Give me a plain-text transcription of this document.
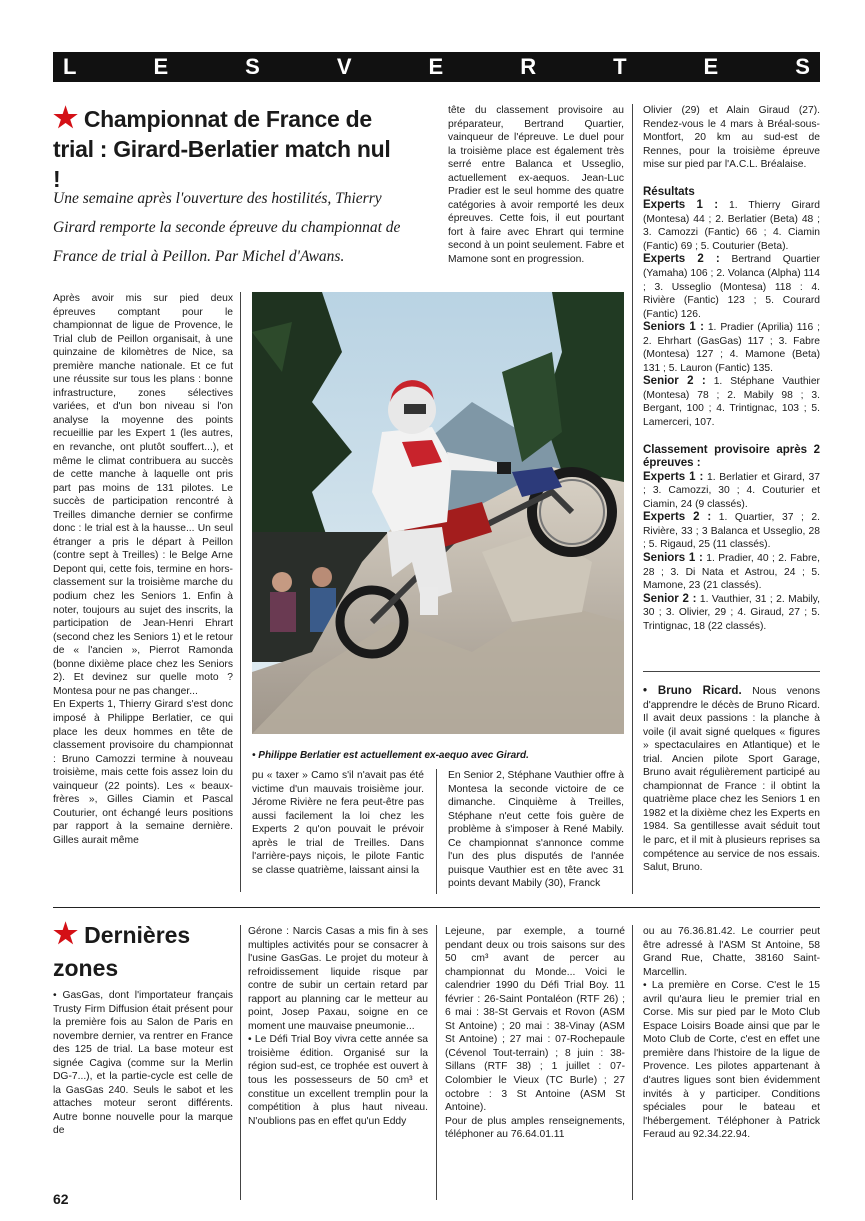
L	E	S	V	E	R	T	E	S
★ Championnat de France de trial : Girard-Berlatier match nul !

Une semaine après l'ouverture des hostilités, Thierry Girard remporte la seconde épreuve du championnat de France de trial à Peillon. Par Michel d'Awans.

Après avoir mis sur pied deux épreuves comptant pour le championnat de ligue de Provence, le Trial club de Peillon organisait, à une quinzaine de kilomètres de Nice, sa première manche nationale. Et ce fut une réussite sur tous les plans : bonne infrastructure, zones sélectives variées, et d'un bon niveau si l'on analyse la moyenne des points recueillie par les Expert 1 (les autres, en revanche, ont plutôt souffert...), et même le climat contribuera au succès de cette manche à laquelle ont pris part pas moins de 131 pilotes. Le succès de participation rencontré à Treilles dimanche dernier se confirme donc : le trial est à la hausse... Un seul étranger a pris le départ à Peillon (contre sept à Treilles) : le Belge Arne Depont qui, cette fois, termine en hors-classement sur la troisième marche du podium chez les Seniors 1. Enfin à noter, toujours au sujet des inscrits, la participation de Jean-Henri Ehrart (second chez les Seniors 1) et le retour de « l'ancien », Pierrot Ramonda (bonne dixième place chez les Seniors 2). Et devinez sur quelle moto ? Montesa pour ne pas changer...

En Experts 1, Thierry Girard s'est donc imposé à Philippe Berlatier, ce qui place les deux hommes en tête de classement provisoire du championnat : Bruno Camozzi termine à nouveau troisième, mais cette fois assez loin du vainqueur (22 points). Les « beaux-frères », Gilles Ciamin et Pascal Couturier, ont échangé leurs positions par rapport à la semaine dernière. Gilles aurait même

tête du classement provisoire au préparateur, Bertrand Quartier, vainqueur de l'épreuve. Le duel pour la troisième place est également très serré entre Balanca et Usseglio, actuellement ex-aequos. Jean-Luc Pradier est le seul homme des quatre catégories à avoir remporté les deux épreuves. Cette fois, il eut pourtant fort à faire avec Ehrart qui termine second à un point seulement. Fabre et Mamone sont en progression.

Olivier (29) et Alain Giraud (27). Rendez-vous le 4 mars à Bréal-sous-Montfort, 20 km au sud-est de Rennes, pour la troisième épreuve mise sur pied par l'A.C.L. Bréalaise.

Résultats

Experts 1 : 1. Thierry Girard (Montesa) 44 ; 2. Berlatier (Beta) 48 ; 3. Camozzi (Fantic) 66 ; 4. Ciamin (Fantic) 69 ; 5. Couturier (Beta).

Experts 2 : Bertrand Quartier (Yamaha) 106 ; 2. Volanca (Alpha) 114 ; 3. Usseglio (Montesa) 118 : 4. Rivière (Fantic) 123 ; 5. Courard (Fantic) 126.

Seniors 1 : 1. Pradier (Aprilia) 116 ; 2. Ehrhart (GasGas) 117 ; 3. Fabre (Montesa) 127 ; 4. Mamone (Beta) 131 ; 5. Lauron (Fantic) 135.

Senior 2 : 1. Stéphane Vauthier (Montesa) 78 ; 2. Mabily 98 ; 3. Bergant, 100 ; 4. Trintignac, 103 ; 5. Lamerceri, 107.

Classement provisoire après 2 épreuves :

Experts 1 : 1. Berlatier et Girard, 37 ; 3. Camozzi, 30 ; 4. Couturier et Ciamin, 24 (9 classés).

Experts 2 : 1. Quartier, 37 ; 2. Rivière, 33 ; 3 Balanca et Usseglio, 28 ; 5. Rigaud, 25 (11 classés).

Seniors 1 : 1. Pradier, 40 ; 2. Fabre, 28 ; 3. Di Nata et Astrou, 24 ; 5. Mamone, 23 (21 classés).

Senior 2 : 1. Vauthier, 31 ; 2. Mabily, 30 ; 3. Olivier, 29 ; 4. Giraud, 27 ; 5. Trintignac, 18 (22 classés).

• Bruno Ricard. Nous venons d'apprendre le décès de Bruno Ricard. Il avait deux passions : la planche à voile (il avait signé quelques « figures » spectaculaires en Atlantique) et le trial. Ancien pilote Sport Garage, Bruno avait régulièrement participé au championnat de France : il obtint la quatrième place chez les Seniors 1 en 1982 et la dixième chez les Experts en 1984. Sa gentillesse avait séduit tout le parc, et il mit à plusieurs reprises sa compétence au service de nos essais. Salut, Bruno.

• Philippe Berlatier est actuellement ex-aequo avec Girard.

pu « taxer » Camo s'il n'avait pas été victime d'un mauvais troisième jour. Jérome Rivière ne fera peut-être pas aussi facilement la loi chez les Experts 2 qu'on pouvait le prévoir après le trial de Treilles. Dans l'arrière-pays niçois, le pilote Fantic se classe quatrième, laissant ainsi la

En Senior 2, Stéphane Vauthier offre à Montesa la seconde victoire de ce dimanche. Cinquième à Treilles, Stéphane n'eut cette fois guère de problème à s'imposer à René Mabily. Ce championnat s'annonce comme l'un des plus disputés de l'année puisque Vauthier est en tête avec 31 points devant Mabily (30), Franck

★ Dernières zones

• GasGas, dont l'importateur français Trusty Firm Diffusion était présent pour la première fois au Salon de Paris en novembre dernier, va rentrer en France des 125 de trial. La base moteur est signée Cagiva (comme sur la Merlin DG-7...), et la partie-cycle est celle de la GasGas 240. Seuls le sabot et les attaches moteur seront différents. Autre bonne nouvelle pour la marque de

Gérone : Narcis Casas a mis fin à ses multiples activités pour se consacrer à l'usine GasGas. Le projet du moteur à refroidissement liquide risque par contre de subir un certain retard par rapport au planning car le metteur au point, Josep Paxau, soigne en ce moment une mauvaise pneumonie...

• Le Défi Trial Boy vivra cette année sa troisième édition. Organisé sur la région sud-est, ce trophée est ouvert à tous les possesseurs de 50 cm³ et constitue un excellent tremplin pour la compétition à plus haut niveau. N'oublions pas en effet qu'un Eddy

Lejeune, par exemple, a tourné pendant deux ou trois saisons sur des 50 cm³ avant de percer au championnat du Monde... Voici le calendrier 1990 du Défi Trial Boy. 11 février : 26-Saint Pontaléon (RTF 26) ; 6 mai : 38-St Gervais et Rovon (ASM St Antoine) ; 20 mai : 38-Vinay (ASM St Antoine) ; 27 mai : 07-Rochepaule (Cévenol Tout-terrain) ; 8 juin : 38-Sillans (RTF 38) ; 1 juillet : 07-Colombier le Vieux (TC Burle) ; 27 octobre : 3 St Antoine (ASM St Antoine).

Pour de plus amples renseignements, téléphoner au 76.64.01.11

ou au 76.36.81.42. Le courrier peut être adressé à l'ASM St Antoine, 58 Grand Rue, Chatte, 38160 Saint-Marcellin.

• La première en Corse. C'est le 15 avril qu'aura lieu le premier trial en Corse. Mis sur pied par le Moto Club Espace Loisirs Boade ainsi que par le Moto Club de Corte, c'est en effet une première dans l'histoire de la ligue de Provence. Les pilotes appartenant à d'autres ligues sont bien évidemment invités à y participer. Conditions spéciales pour le bateau et l'hébergement. Téléphoner à Patrick Feraud au 92.34.22.94.

62
